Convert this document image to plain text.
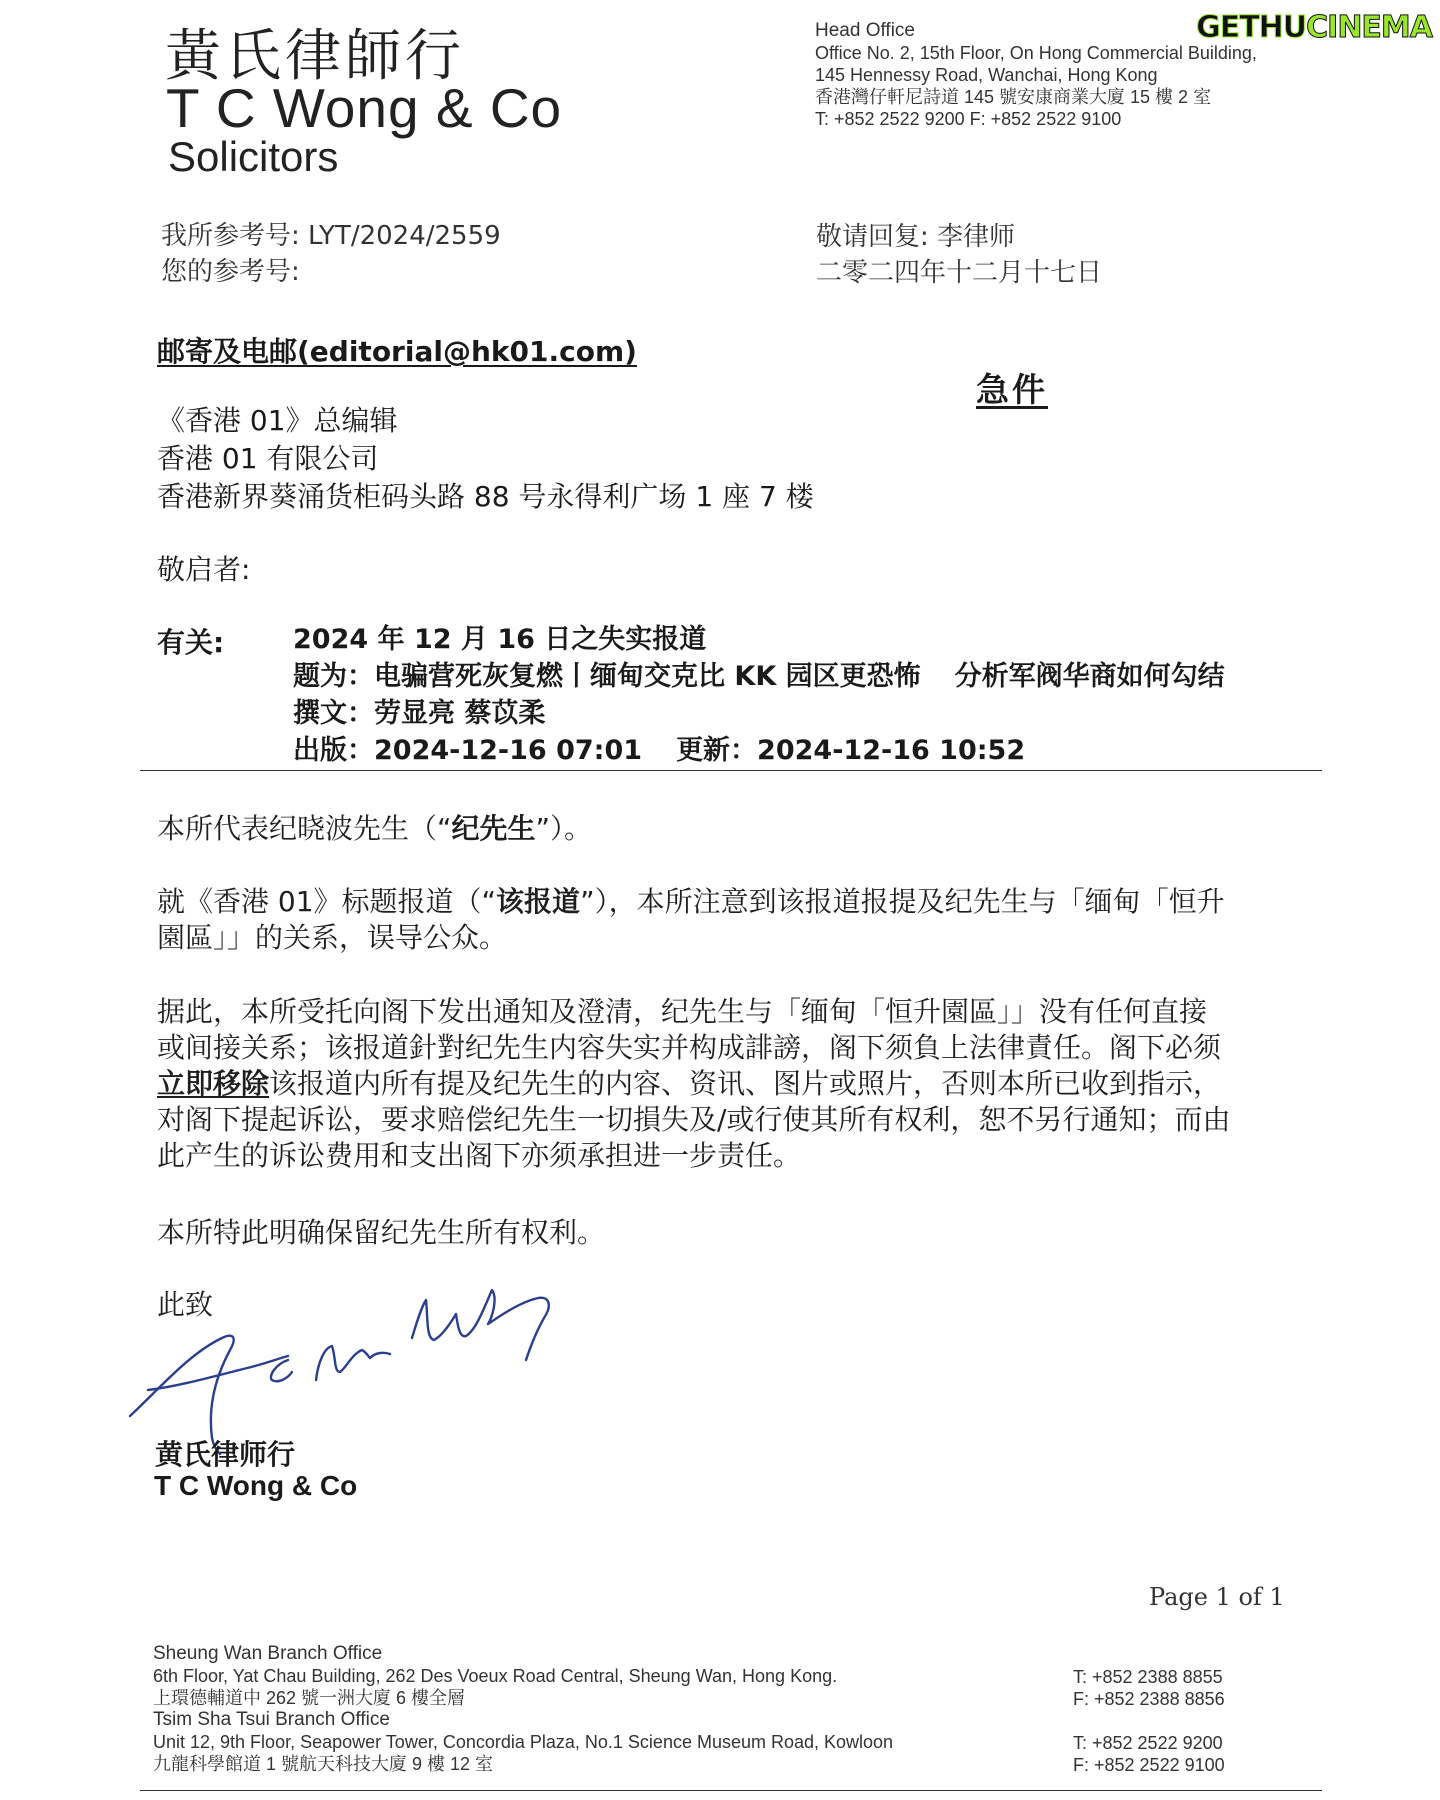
黃氏律師行
T C Wong & Co
Solicitors
Head Office
Office No. 2, 15th Floor, On Hong Commercial Building,
145 Hennessy Road, Wanchai, Hong Kong
香港灣仔軒尼詩道 145 號安康商業大廈 15 樓 2 室
T: +852 2522 9200 F: +852 2522 9100
GETHUCINEMA
我所参考号: LYT/2024/2559
您的参考号:
敬请回复: 李律师
二零二四年十二月十七日
邮寄及电邮(editorial@hk01.com)
急件
《香港 01》总编辑
香港 01 有限公司
香港新界葵涌货柜码头路 88 号永得利广场 1 座 7 楼
敬启者:
有关:	2024 年 12 月 16 日之失实报道
题为：电骗营死灰复燃丨缅甸交克比 KK 园区更恐怖 分析军阀华商如何勾结
撰文：劳显亮 蔡苡柔
出版：2024-12-16 07:01 更新：2024-12-16 10:52
本所代表纪晓波先生（“纪先生”）。
就《香港 01》标题报道（“该报道”），本所注意到该报道报提及纪先生与「缅甸「恒升
園區」」的关系，误导公众。
据此，本所受托向阁下发出通知及澄清，纪先生与「缅甸「恒升園區」」没有任何直接
或间接关系；该报道針對纪先生内容失实并构成誹謗，阁下须負上法律責任。阁下必须
立即移除该报道内所有提及纪先生的内容、资讯、图片或照片，否则本所已收到指示，
对阁下提起诉讼，要求赔偿纪先生一切損失及/或行使其所有权利，恕不另行通知；而由
此产生的诉讼费用和支出阁下亦须承担进一步责任。
本所特此明确保留纪先生所有权利。
此致
黄氏律师行
T C Wong & Co
Page 1 of 1
Sheung Wan Branch Office
6th Floor, Yat Chau Building, 262 Des Voeux Road Central, Sheung Wan, Hong Kong.
上環德輔道中 262 號一洲大廈 6 樓全層
Tsim Sha Tsui Branch Office
Unit 12, 9th Floor, Seapower Tower, Concordia Plaza, No.1 Science Museum Road, Kowloon
九龍科學館道 1 號航天科技大廈 9 樓 12 室
T: +852 2388 8855
F: +852 2388 8856
T: +852 2522 9200
F: +852 2522 9100
